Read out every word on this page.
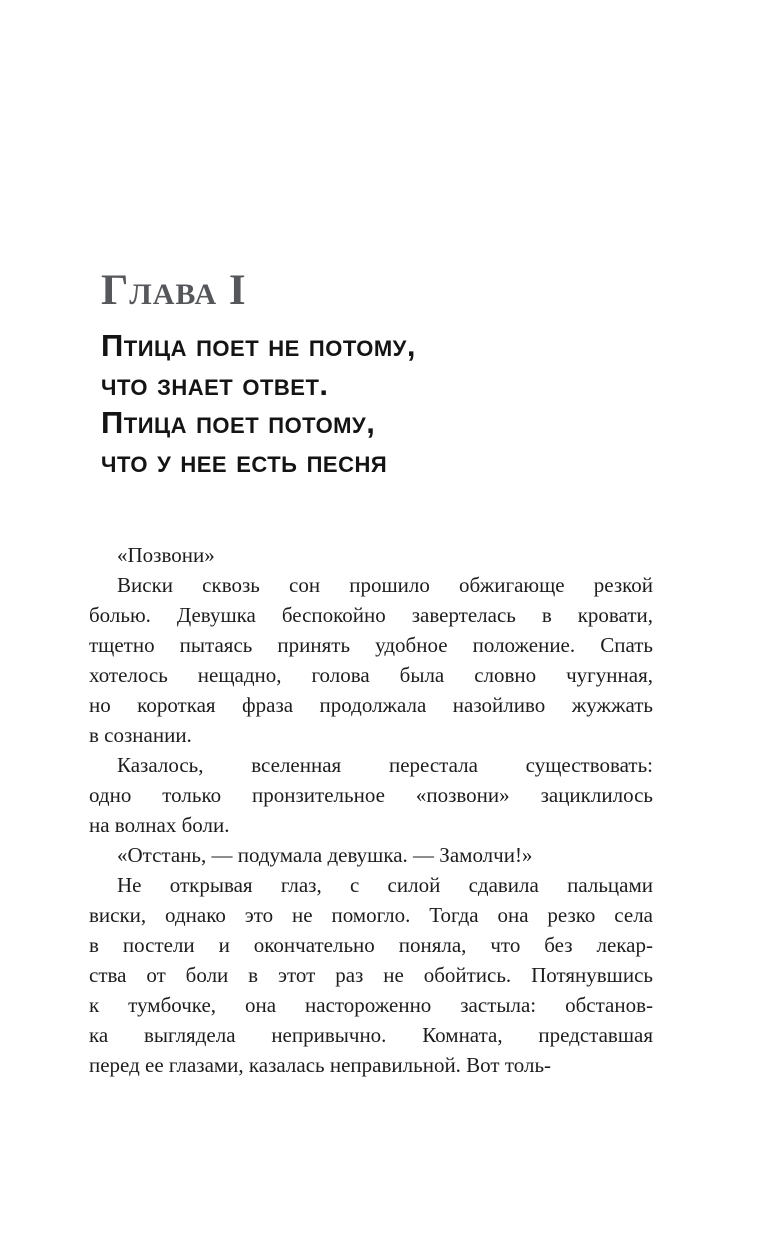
Глава I
Птица поет не потому,
что знает ответ.
Птица поет потому,
что у нее есть песня

«Позвони»

Виски сквозь сон прошило обжигающе резкой
болью. Девушка беспокойно завертелась в кровати,
тщетно пытаясь принять удобное положение. Спать
хотелось нещадно, голова была словно чугунная,
но короткая фраза продолжала назойливо жужжать
в сознании.

Казалось, вселенная перестала существовать:
одно только пронзительное «позвони» зациклилось
на волнах боли.

«Отстань, — подумала девушка. — Замолчи!»

Не открывая глаз, с силой сдавила пальцами
виски, однако это не помогло. Тогда она резко села
в постели и окончательно поняла, что без лекар-
ства от боли в этот раз не обойтись. Потянувшись
к тумбочке, она настороженно застыла: обстанов-
ка выглядела непривычно. Комната, представшая
перед ее глазами, казалась неправильной. Вот толь-
